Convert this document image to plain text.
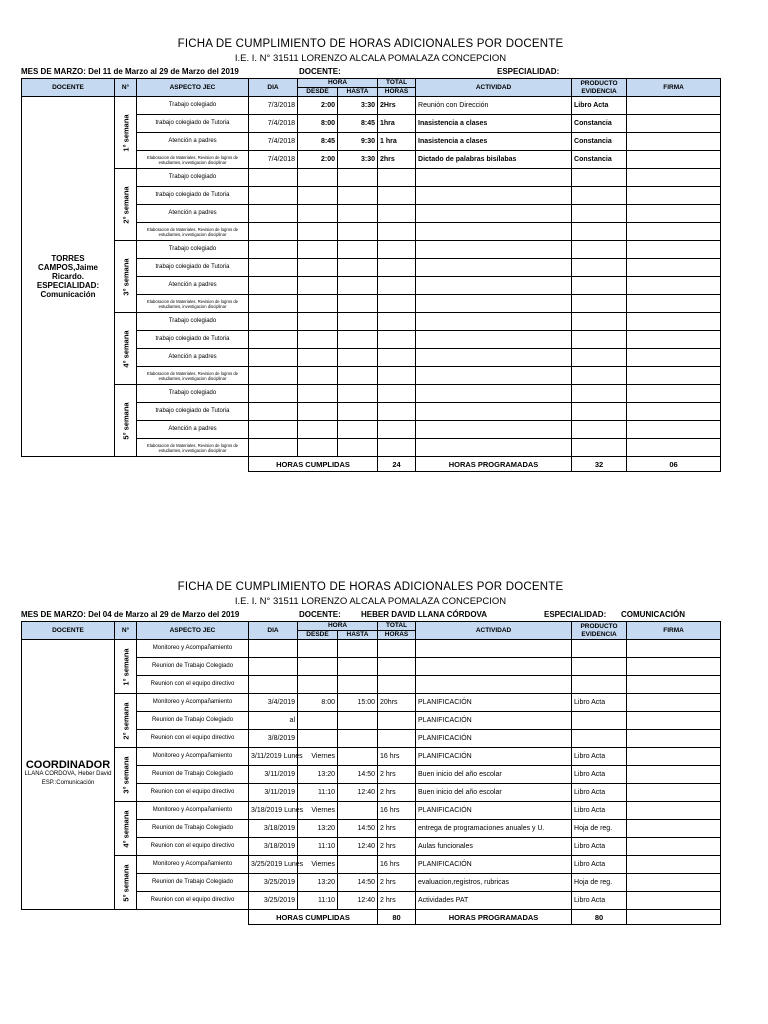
FICHA DE CUMPLIMIENTO DE HORAS ADICIONALES POR DOCENTE
I.E. I. N° 31511 LORENZO ALCALA POMALAZA CONCEPCION
MES DE MARZO: Del 11 de Marzo al 29 de Marzo del 2019	DOCENTE:	ESPECIALIDAD:
DOCENTE	N°	ASPECTO JEC	DIA	HORA		TOTAL	ACTIVIDAD	PRODUCTO EVIDENCIA	FIRMA
				DESDE	HASTA	HORAS			
TORRES CAMPOS,Jaime Ricardo.
ESPECIALIDAD: Comunicación	1° semana	Trabajo colegiado	7/3/2018	2:00	3:30	2Hrs	Reunión con Dirección	Libro Acta	
		trabajo colegiado de Tutoria	7/4/2018	8:00	8:45	1hra	Inasistencia a clases	Constancia	
		Atención a padres	7/4/2018	8:45	9:30	1 hra	Inasistencia a clases	Constancia	
		Elaboracion de Materiales, Revision de logros de estudiantes, investigacion disciplinar	7/4/2018	2:00	3:30	2hrs	Dictado de palabras bisílabas	Constancia	

	2° semana	Trabajo colegiado							
		trabajo colegiado de Tutoria							
		Atención a padres							
		Elaboracion de Materiales, Revision de logros de estudiantes, investigacion disciplinar							

	3° semana	Trabajo colegiado							
		trabajo colegiado de Tutoria							
		Atención a padres							
		Elaboracion de Materiales, Revision de logros de estudiantes, investigacion disciplinar							

	4° semana	Trabajo colegiado							
		trabajo colegiado de Tutoria							
		Atención a padres							
		Elaboracion de Materiales, Revision de logros de estudiantes, investigacion disciplinar							

	5° semana	Trabajo colegiado							
		trabajo colegiado de Tutoria							
		Atención a padres							
		Elaboracion de Materiales, Revision de logros de estudiantes, investigacion disciplinar							
			HORAS CUMPLIDAS			24	HORAS PROGRAMADAS	32	06
FICHA DE CUMPLIMIENTO DE HORAS ADICIONALES POR DOCENTE
I.E. I. N° 31511 LORENZO ALCALA POMALAZA CONCEPCION
MES DE MARZO: Del 04 de Marzo al 29 de Marzo del 2019	DOCENTE:	HEBER DAVID LLANA CÓRDOVA	ESPECIALIDAD: COMUNICACIÓN
DOCENTE	N°	ASPECTO JEC	DIA	HORA		TOTAL	ACTIVIDAD	PRODUCTO EVIDENCIA	FIRMA
				DESDE	HASTA	HORAS			

COORDINADOR
LLANA CORDOVA, Heber David ESP.:Comunicación	1° semana	Monitoreo y Acompañamiento							
		Reunion de Trabajo Colegiado							
		Reunion con el equipo directivo							

	2° semana	Monitoreo y Acompañamiento	3/4/2019	8:00	15:00	20hrs	PLANIFICACIÓN	Libro Acta	
		Reunion de Trabajo Colegiado	al				PLANIFICACIÓN		
		Reunion con el equipo directivo	3/8/2019				PLANIFICACIÓN		

	3° semana	Monitoreo y Acompañamiento	3/11/2019 Lunes	Viernes		16 hrs	PLANIFICACIÓN	Libro Acta	
		Reunion de Trabajo Colegiado	3/11/2019	13:20	14:50	2 hrs	Buen inicio del año escolar	Libro Acta	
		Reunion con el equipo directivo	3/11/2019	11:10	12:40	2 hrs	Buen inicio del año escolar	Libro Acta	

	4° semana	Monitoreo y Acompañamiento	3/18/2019 Lunes	Viernes		16 hrs	PLANIFICACIÓN	Libro Acta	
		Reunion de Trabajo Colegiado	3/18/2019	13:20	14:50	2 hrs	entrega de programaciones anuales y U.	Hoja de reg.	
		Reunion con el equipo directivo	3/18/2019	11:10	12:40	2 hrs	Aulas funcionales	Libro Acta	

	5° semana	Monitoreo y Acompañamiento	3/25/2019 Lunes	Viernes		16 hrs	PLANIFICACIÓN	Libro Acta	
		Reunion de Trabajo Colegiado	3/25/2019	13:20	14:50	2 hrs	evaluacion,registros, rubricas	Hoja de reg.	
		Reunion con el equipo directivo	3/25/2019	11:10	12:40	2 hrs	Actividades PAT	Libro Acta	
			HORAS CUMPLIDAS			80	HORAS PROGRAMADAS	80	
